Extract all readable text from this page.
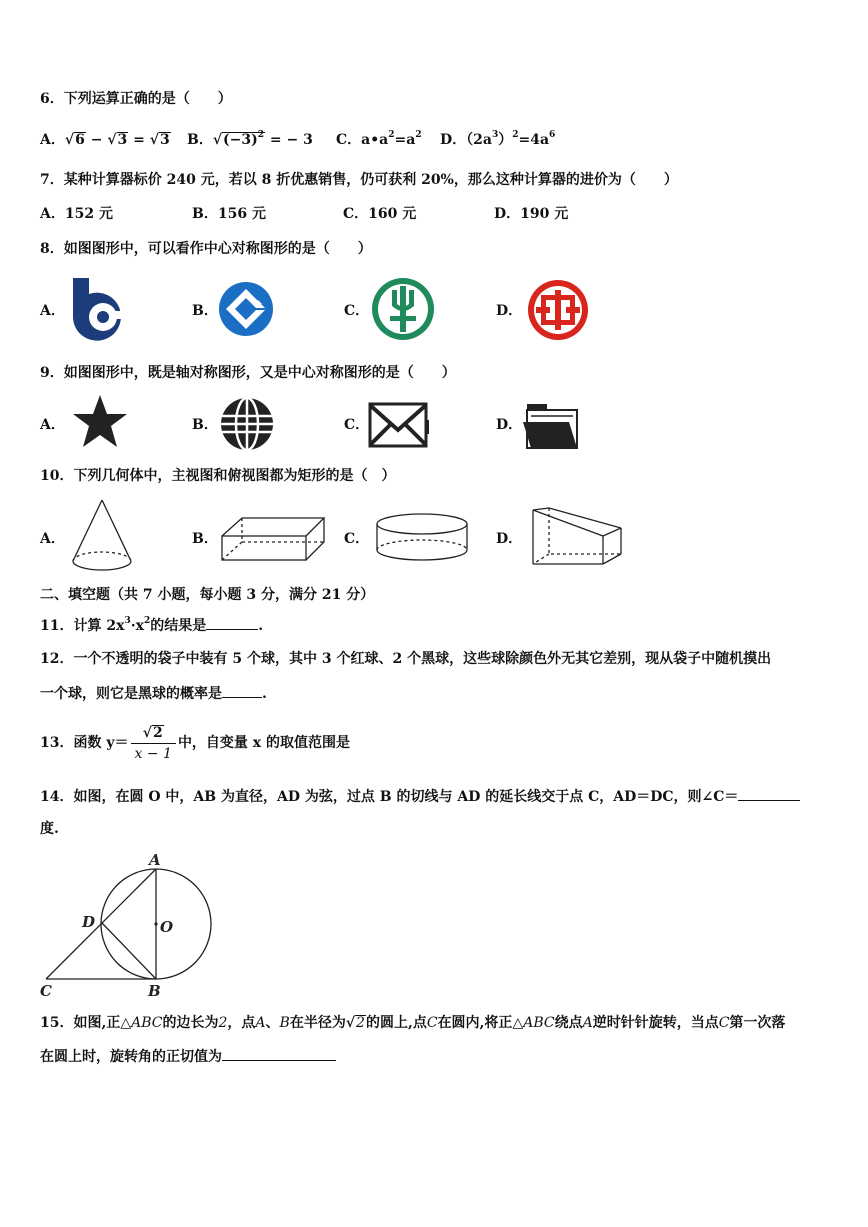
6．下列运算正确的是（　　）
A．√6 − √3 = √3 B．$√(-3)^2$ = − 3 C．$a•a^2=a^2$ D．$(2a^3)^2=4a^6$
7．某种计算器标价 240 元，若以 8 折优惠销售，仍可获利 20%，那么这种计算器的进价为（　　）
A．152 元	B．156 元	C．160 元	D．190 元
8．如图图形中，可以看作中心对称图形的是（　　）
A．	B．	C．	D．
9．如图图形中，既是轴对称图形，又是中心对称图形的是（　　）
A．	B．	C．	D．
10．下列几何体中，主视图和俯视图都为矩形的是（　）
A．	B．	C．	D．
二、填空题（共 7 小题，每小题 3 分，满分 21 分）
11．计算 $2x^3\cdot x^2$的结果是	.
12．一个不透明的袋子中装有 5 个球，其中 3 个红球、2 个黑球，这些球除颜色外无其它差别，现从袋子中随机摸出
一个球，则它是黑球的概率是	.
13．函数 $y= \frac{√2}{x - 1}$ 中，自变量 x 的取值范围是
14．如图，在圆 O 中，AB 为直径，AD 为弦，过点 B 的切线与 AD 的延长线交于点 C，AD＝DC，则∠C＝
度.
A
D	O
C	B
15．如图,正△ABC的边长为2，点A、B在半径为√2的圆上,点C在圆内,将正△ABC绕点A逆时针针旋转，当点C第一次落
在圆上时，旋转角的正切值为
